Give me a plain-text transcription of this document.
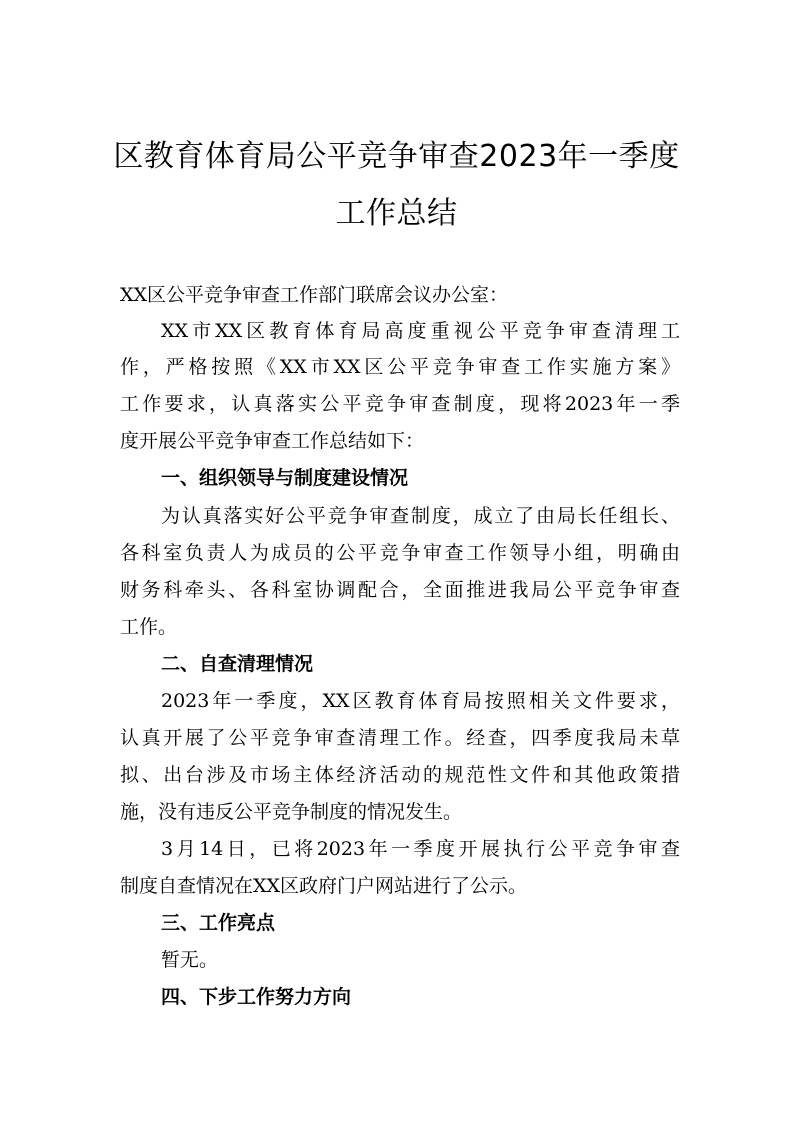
区教育体育局公平竞争审查2023年一季度
工作总结
XX区公平竞争审查工作部门联席会议办公室：
XX市XX区教育体育局高度重视公平竞争审查清理工
作，严格按照《XX市XX区公平竞争审查工作实施方案》
工作要求，认真落实公平竞争审查制度，现将2023年一季
度开展公平竞争审查工作总结如下：
一、组织领导与制度建设情况
为认真落实好公平竞争审查制度，成立了由局长任组长、
各科室负责人为成员的公平竞争审查工作领导小组，明确由
财务科牵头、各科室协调配合，全面推进我局公平竞争审查
工作。
二、自查清理情况
2023年一季度，XX区教育体育局按照相关文件要求，
认真开展了公平竞争审查清理工作。经查，四季度我局未草
拟、出台涉及市场主体经济活动的规范性文件和其他政策措
施，没有违反公平竞争制度的情况发生。
3月14日，已将2023年一季度开展执行公平竞争审查
制度自查情况在XX区政府门户网站进行了公示。
三、工作亮点
暂无。
四、下步工作努力方向
